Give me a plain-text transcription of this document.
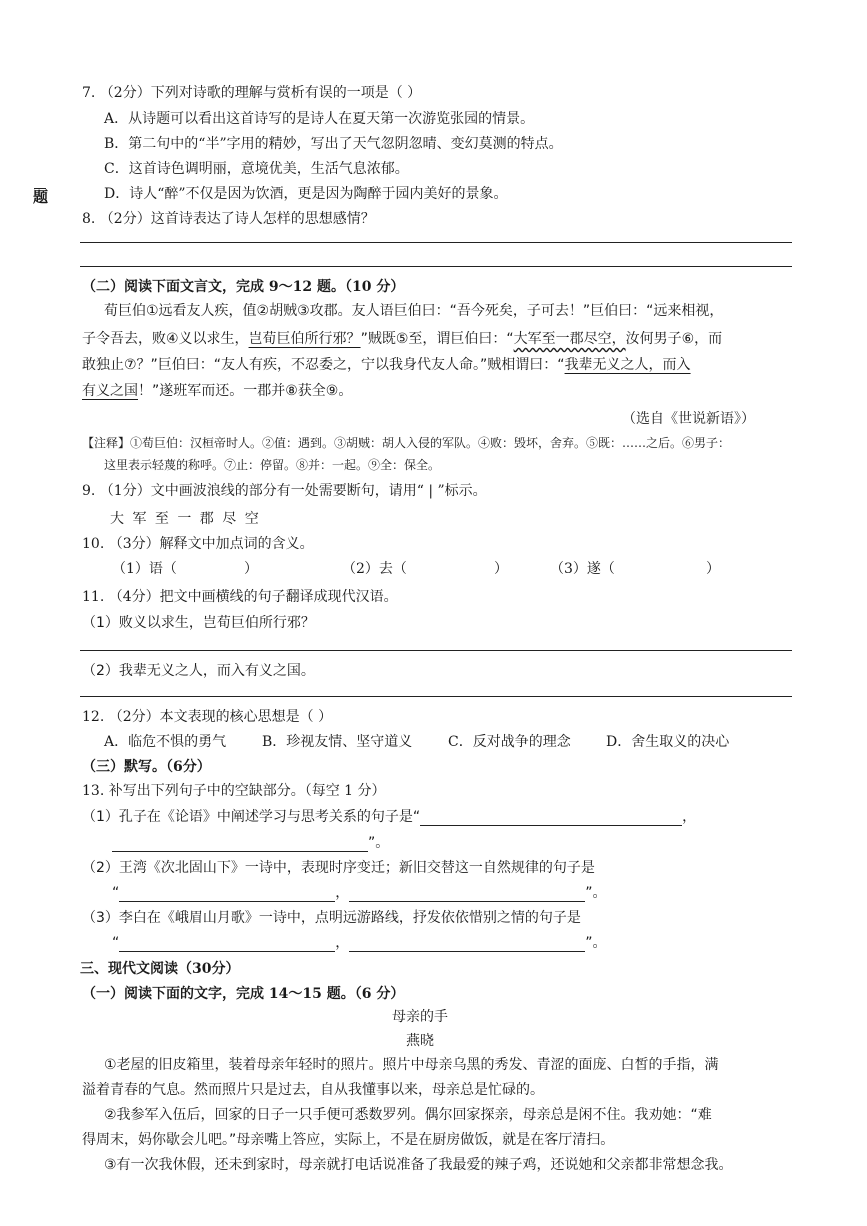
题
7. （2分）下列对诗歌的理解与赏析有误的一项是（ ）
A．从诗题可以看出这首诗写的是诗人在夏天第一次游览张园的情景。
B．第二句中的“半”字用的精妙，写出了天气忽阴忽晴、变幻莫测的特点。
C．这首诗色调明丽，意境优美，生活气息浓郁。
D．诗人“醉”不仅是因为饮酒，更是因为陶醉于园内美好的景象。
8. （2分）这首诗表达了诗人怎样的思想感情？
（二）阅读下面文言文，完成 9～12 题。（10 分）
荀巨伯①远看友人疾，值②胡贼③攻郡。友人语巨伯曰：“吾今死矣，子可去！”巨伯曰：“远来相视，
子令吾去，败④义以求生，岂荀巨伯所行邪？”贼既⑤至，谓巨伯曰：“大军至一郡尽空，汝何男子⑥，而
敢独止⑦？”巨伯曰：“友人有疾，不忍委之，宁以我身代友人命。”贼相谓曰：“我辈无义之人，而入
有义之国！”遂班军而还。一郡并⑧获全⑨。
（选自《世说新语》）
【注释】①荀巨伯：汉桓帝时人。②值：遇到。③胡贼：胡人入侵的军队。④败：毁坏，舍弃。⑤既：……之后。⑥男子：
这里表示轻蔑的称呼。⑦止：停留。⑧并：一起。⑨全：保全。
9. （1分）文中画波浪线的部分有一处需要断句，请用“ | ”标示。
大 军 至 一 郡 尽 空
10. （3分）解释文中加点词的含义。
（1）语（	）	（2）去（	）	（3）遂（	）
11. （4分）把文中画横线的句子翻译成现代汉语。
（1）败义以求生，岂荀巨伯所行邪？
（2）我辈无义之人，而入有义之国。
12. （2分）本文表现的核心思想是（ ）
A．临危不惧的勇气	B．珍视友情、坚守道义	C．反对战争的理念	D．舍生取义的决心
（三）默写。（6分）
13. 补写出下列句子中的空缺部分。（每空 1 分）
（1）孔子在《论语》中阐述学习与思考关系的句子是“	，
”。
（2）王湾《次北固山下》一诗中，表现时序变迁；新旧交替这一自然规律的句子是
“	，	”。
（3）李白在《峨眉山月歌》一诗中，点明远游路线，抒发依依惜别之情的句子是
“	，	”。
三、现代文阅读（30分）
（一）阅读下面的文字，完成 14～15 题。（6 分）
母亲的手
燕晓
①老屋的旧皮箱里，装着母亲年轻时的照片。照片中母亲乌黑的秀发、青涩的面庞、白皙的手指，满
溢着青春的气息。然而照片只是过去，自从我懂事以来，母亲总是忙碌的。
②我参军入伍后，回家的日子一只手便可悉数罗列。偶尔回家探亲，母亲总是闲不住。我劝她：“难
得周末，妈你歇会儿吧。”母亲嘴上答应，实际上，不是在厨房做饭，就是在客厅清扫。
③有一次我休假，还未到家时，母亲就打电话说准备了我最爱的辣子鸡，还说她和父亲都非常想念我。
